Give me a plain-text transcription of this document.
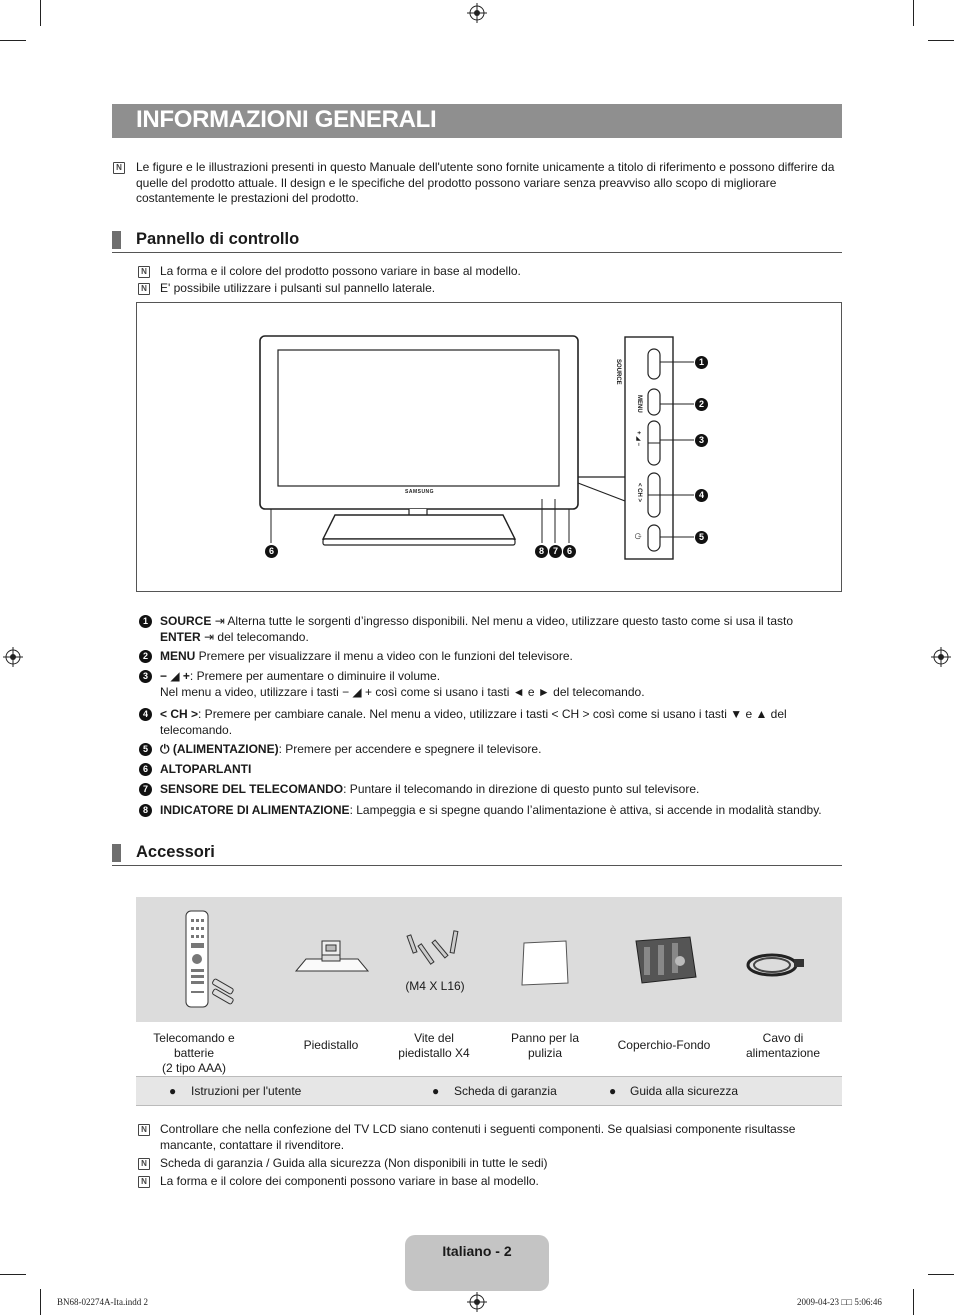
INFORMAZIONI GENERALI
N
Le figure e le illustrazioni presenti in questo Manuale dell'utente sono fornite unicamente a titolo di riferimento e possono differire da quelle del prodotto attuale. Il design e le specifiche del prodotto possono variare senza preavviso allo scopo di migliorare costantemente le prestazioni del prodotto.
Pannello di controllo
N
La forma e il colore del prodotto possono variare in base al modello.
N
E' possibile utilizzare i pulsanti sul pannello laterale.
SAMSUNG
SOURCE
MENU
+ ◢ −
< CH >
⏻
1
2
3
4
5
6	8 7 6
1	SOURCE ⇥ Alterna tutte le sorgenti d’ingresso disponibili. Nel menu a video, utilizzare questo tasto come si usa il tasto
ENTER ⇥ del telecomando.
2	MENU Premere per visualizzare il menu a video con le funzioni del televisore.
3	− ◢ +: Premere per aumentare o diminuire il volume.
Nel menu a video, utilizzare i tasti − ◢ + così come si usano i tasti ◄ e ► del telecomando.
4	< CH >: Premere per cambiare canale. Nel menu a video, utilizzare i tasti < CH > così come si usano i tasti ▼ e ▲ del
telecomando.
5	⏻ (ALIMENTAZIONE): Premere per accendere e spegnere il televisore.
6	ALTOPARLANTI
7	SENSORE DEL TELECOMANDO: Puntare il telecomando in direzione di questo punto sul televisore.
8	INDICATORE DI ALIMENTAZIONE: Lampeggia e si spegne quando l’alimentazione è attiva, si accende in modalità standby.
Accessori
(M4 X L16)
Telecomando e batterie
(2 tipo AAA)
Piedistallo	Vite del
piedistallo X4
Panno per la
pulizia
Coperchio-Fondo	Cavo di
alimentazione
● Istruzioni per l'utente	● Scheda di garanzia	● Guida alla sicurezza
N
Controllare che nella confezione del TV LCD siano contenuti i seguenti componenti. Se qualsiasi componente risultasse mancante, contattare il rivenditore.
N
Scheda di garanzia / Guida alla sicurezza (Non disponibili in tutte le sedi)
N
La forma e il colore dei componenti possono variare in base al modello.
Italiano - 2
BN68-02274A-Ita.indd 2	2009-04-23 □□ 5:06:46
